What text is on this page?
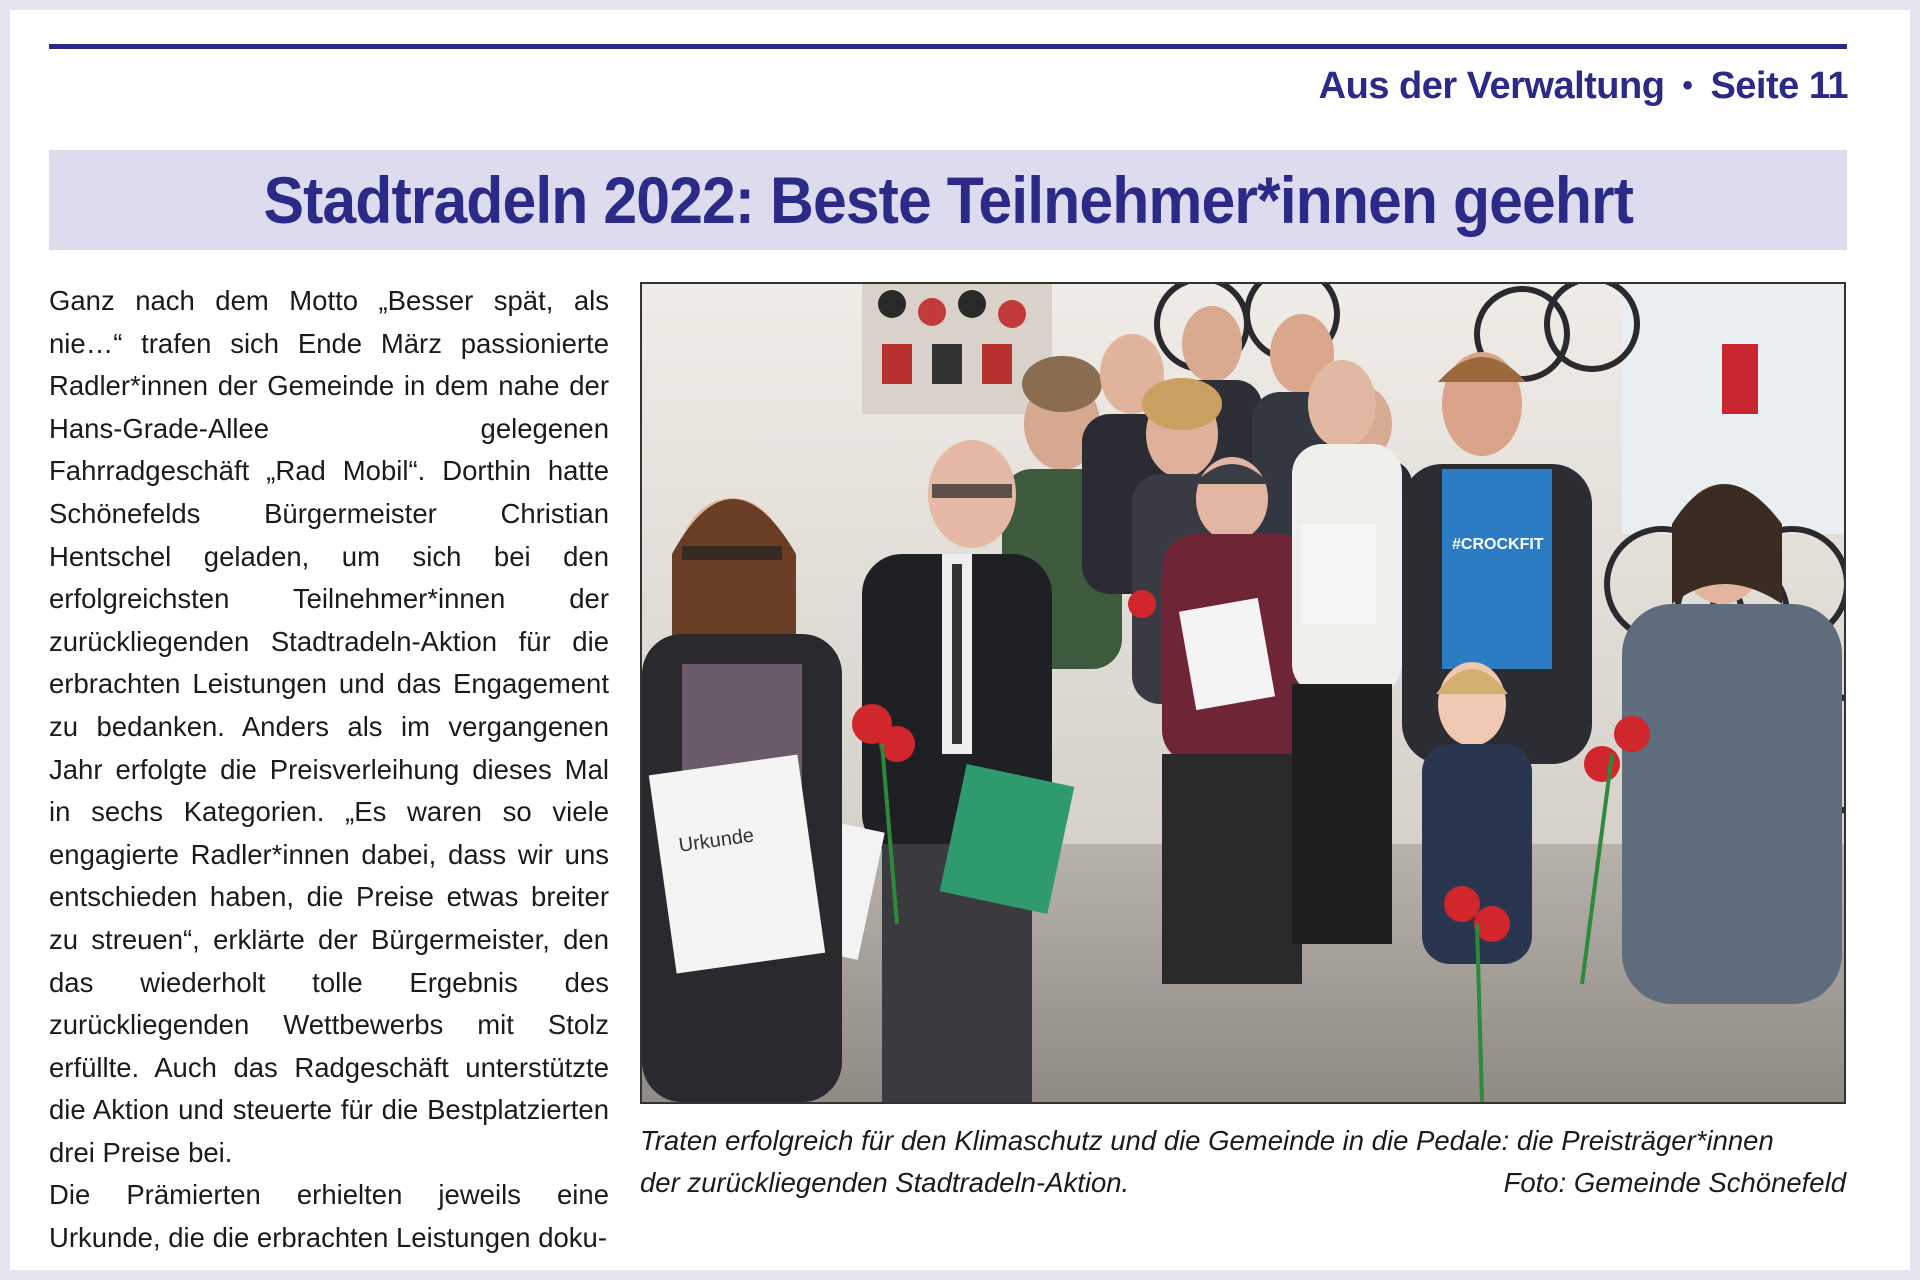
Aus der Verwaltung • Seite 11
Stadtradeln 2022: Beste Teilnehmer*innen geehrt

Ganz nach dem Motto „Besser spät, als nie…“ trafen sich Ende März passionierte Radler*innen der Gemeinde in dem nahe der Hans-Grade-Allee gelegenen Fahrradgeschäft „Rad Mobil“. Dorthin hatte Schönefelds Bürgermeister Christian Hentschel geladen, um sich bei den erfolgreichsten Teilnehmer*innen der zurückliegenden Stadtradeln-Aktion für die erbrachten Leistungen und das Engagement zu bedanken. Anders als im vergangenen Jahr erfolgte die Preisverleihung dieses Mal in sechs Kategorien. „Es waren so viele engagierte Radler*innen dabei, dass wir uns entschieden haben, die Preise etwas breiter zu streuen“, erklärte der Bürgermeister, den das wiederholt tolle Ergebnis des zurückliegenden Wettbewerbs mit Stolz erfüllte. Auch das Radgeschäft unterstützte die Aktion und steuerte für die Bestplatzierten drei Preise bei.

Die Prämierten erhielten jeweils eine Urkunde, die die erbrachten Leistungen doku-

#CROCKFIT
Urkunde
Traten erfolgreich für den Klimaschutz und die Gemeinde in die Pedale: die Preisträger*innen
der zurückliegenden Stadtradeln-Aktion.	Foto: Gemeinde Schönefeld
